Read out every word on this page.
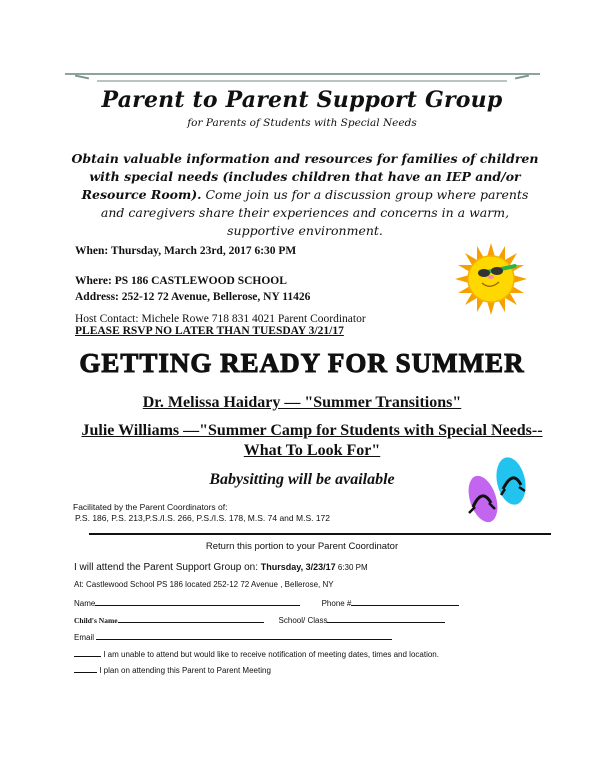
Parent to Parent Support Group
for Parents of Students with Special Needs
Obtain valuable information and resources for families of children with special needs (includes children that have an IEP and/or Resource Room). Come join us for a discussion group where parents and caregivers share their experiences and concerns in a warm, supportive environment.
When: Thursday, March 23rd, 2017 6:30 PM
Where: PS 186 CASTLEWOOD SCHOOL
Address: 252-12 72 Avenue, Bellerose, NY 11426
Host Contact: Michele Rowe 718 831 4021 Parent Coordinator
PLEASE RSVP NO LATER THAN TUESDAY 3/21/17
GETTING READY FOR SUMMER
Dr. Melissa Haidary — "Summer Transitions"
Julie Williams —"Summer Camp for Students with Special Needs--
What To Look For"
Babysitting will be available
Facilitated by the Parent Coordinators of:
P.S. 186, P.S. 213,P.S./I.S. 266, P.S./I.S. 178, M.S. 74 and M.S. 172
Return this portion to your Parent Coordinator
I will attend the Parent Support Group on: Thursday, 3/23/17 6:30 PM
At: Castlewood School PS 186 located 252-12 72 Avenue , Bellerose, NY
Name	Phone #
Child's Name	School/ Class
Email
I am unable to attend but would like to receive notification of meeting dates, times and location.
I plan on attending this Parent to Parent Meeting
